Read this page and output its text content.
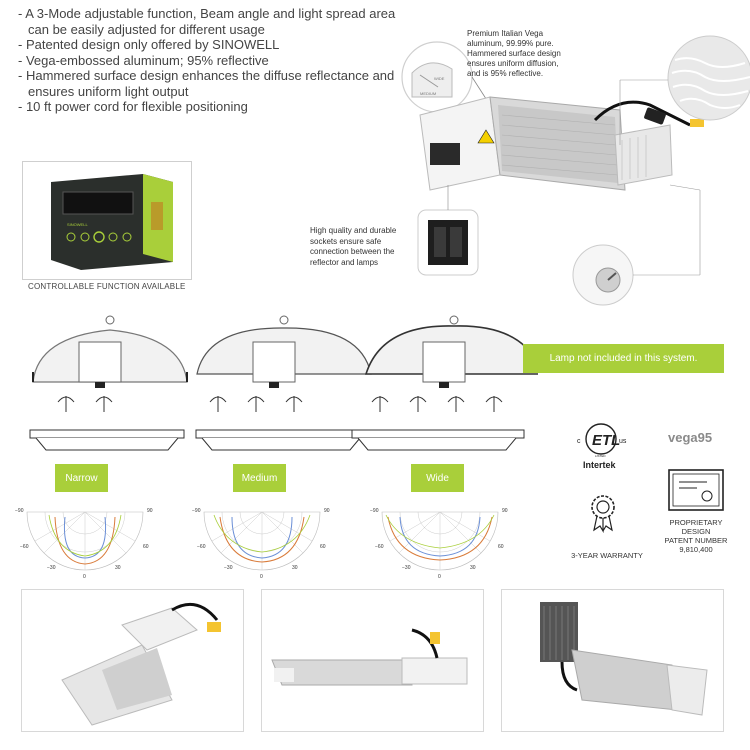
- A 3-Mode adjustable function, Beam angle and light spread area can be easily adjusted for different usage
- Patented design only offered by SINOWELL
- Vega-embossed aluminum; 95% reflective
- Hammered surface design enhances the diffuse reflectance and ensures uniform light output
- 10 ft power cord for flexible positioning
WIDE
MEDIUM
Premium Italian Vega aluminum, 99.99% pure. Hammered surface design ensures uniform diffusion, and is 95% reflective.
High quality and durable sockets ensure safe connection between the reflector and lamps
SINOWELL
CONTROLLABLE FUNCTION AVAILABLE
Narrow	Medium	Wide
−90
−60
−30
0
30
60
90	−90
−60
−30
0
30
60
90	−90
−60
−30
0
30
60
90
Lamp not included in this system.
ETL
c	us
LISTED
Intertek
vega95
3-YEAR WARRANTY
PROPRIETARY
DESIGN
PATENT NUMBER
9,810,400
